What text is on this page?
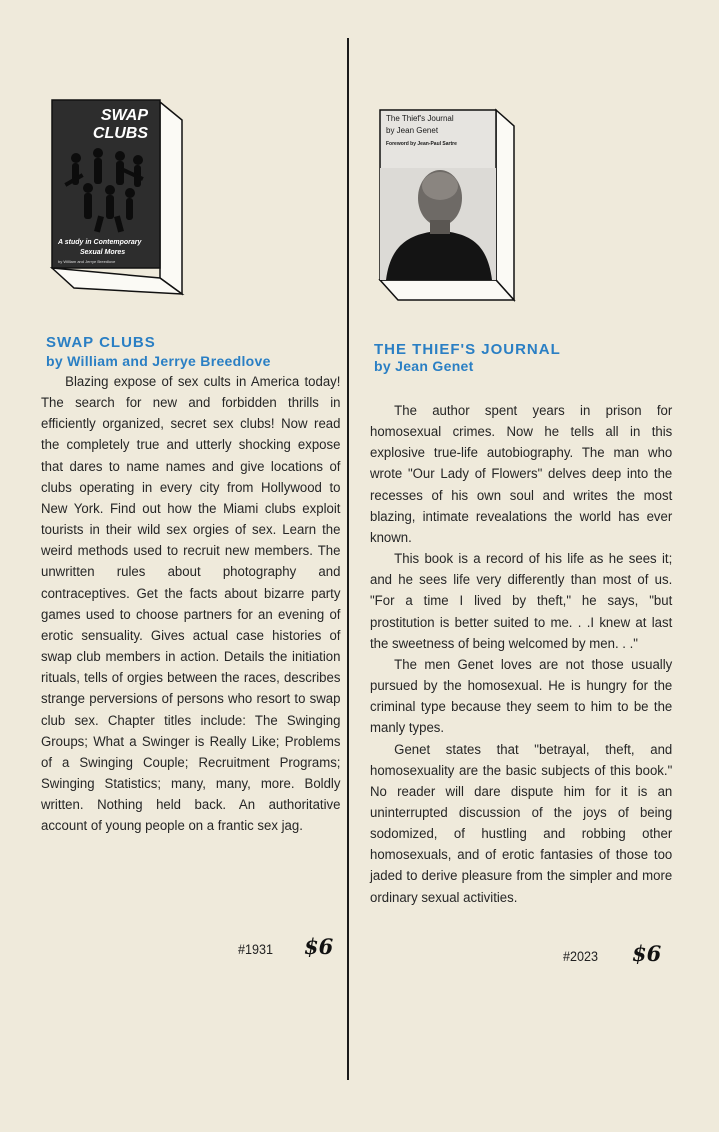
SWAP
CLUBS
A study in Contemporary
Sexual Mores
by William and Jerrye Breedlove
The Thief's Journal
by Jean Genet
Foreword by Jean-Paul Sartre
SWAP CLUBS
by William and Jerrye Breedlove

Blazing expose of sex cults in America today! The search for new and forbidden thrills in efficiently organized, secret sex clubs! Now read the completely true and utterly shocking expose that dares to name names and give locations of clubs operating in every city from Hollywood to New York. Find out how the Miami clubs exploit tourists in their wild sex orgies of sex. Learn the weird methods used to recruit new members. The unwritten rules about photography and contraceptives. Get the facts about bizarre party games used to choose partners for an evening of erotic sensuality. Gives actual case histories of swap club members in action. Details the initiation rituals, tells of orgies between the races, describes strange perversions of persons who resort to swap club sex. Chapter titles include: The Swinging Groups; What a Swinger is Really Like; Problems of a Swinging Couple; Recruitment Programs; Swinging Statistics; many, many, more. Boldly written. Nothing held back. An authoritative account of young people on a frantic sex jag.

#1931 $6
THE THIEF'S JOURNAL
by Jean Genet

The author spent years in prison for homosexual crimes. Now he tells all in this explosive true-life autobiography. The man who wrote "Our Lady of Flowers" delves deep into the recesses of his own soul and writes the most blazing, intimate revealations the world has ever known.

This book is a record of his life as he sees it; and he sees life very differently than most of us. "For a time I lived by theft," he says, "but prostitution is better suited to me. . .I knew at last the sweetness of being welcomed by men. . ."

The men Genet loves are not those usually pursued by the homosexual. He is hungry for the criminal type because they seem to him to be the manly types.

Genet states that "betrayal, theft, and homosexuality are the basic subjects of this book." No reader will dare dispute him for it is an uninterrupted discussion of the joys of being sodomized, of hustling and robbing other homosexuals, and of erotic fantasies of those too jaded to derive pleasure from the simpler and more ordinary sexual activities.

#2023 $6
